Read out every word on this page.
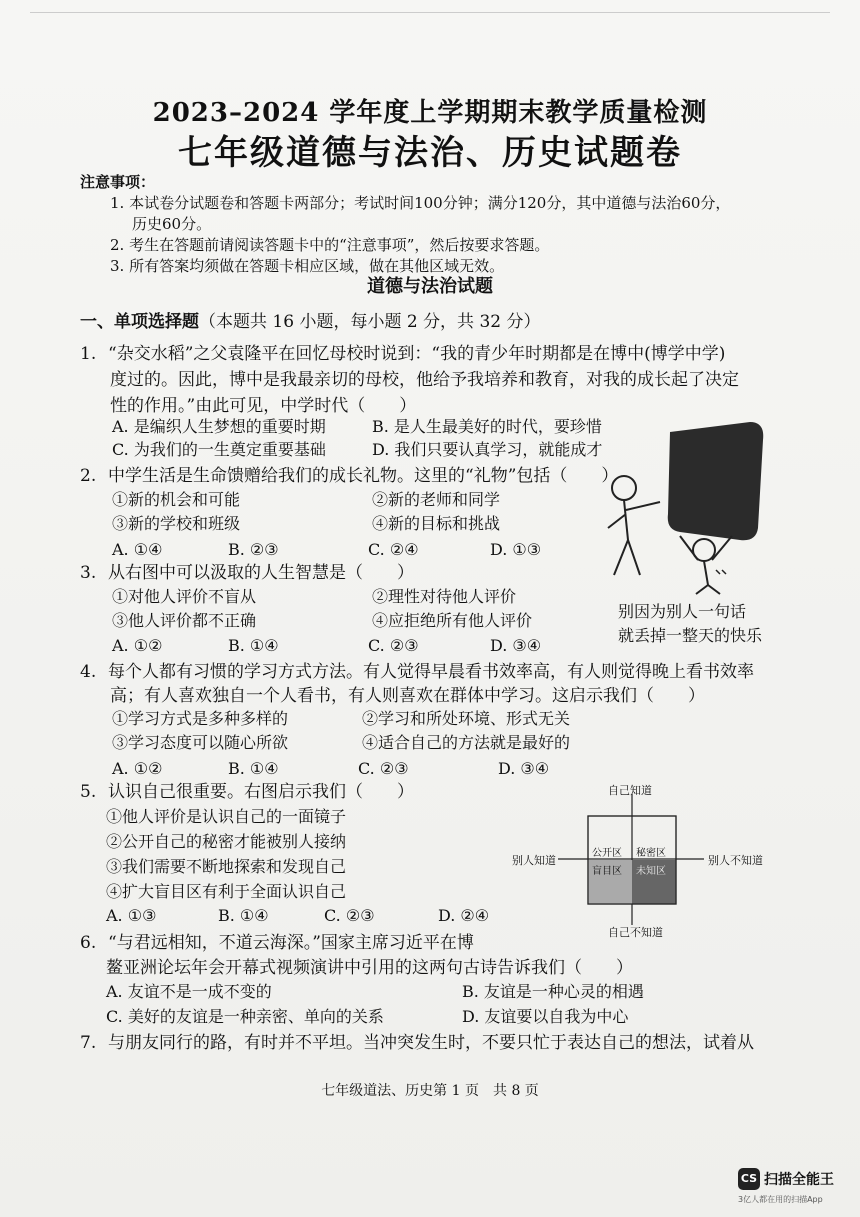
2023–2024 学年度上学期期末教学质量检测
七年级道德与法治、历史试题卷
注意事项：
1. 本试卷分试题卷和答题卡两部分；考试时间100分钟；满分120分，其中道德与法治60分，
历史60分。
2. 考生在答题前请阅读答题卡中的“注意事项”，然后按要求答题。
3. 所有答案均须做在答题卡相应区域，做在其他区域无效。
道德与法治试题
一、单项选择题（本题共 16 小题，每小题 2 分，共 32 分）
1. “杂交水稻”之父袁隆平在回忆母校时说到：“我的青少年时期都是在博中(博学中学)
度过的。因此，博中是我最亲切的母校，他给予我培养和教育，对我的成长起了决定
性的作用。”由此可见，中学时代（　　）
A. 是编织人生梦想的重要时期	B. 是人生最美好的时代，要珍惜
C. 为我们的一生奠定重要基础	D. 我们只要认真学习，就能成才
2. 中学生活是生命馈赠给我们的成长礼物。这里的“礼物”包括（　　）
①新的机会和可能	②新的老师和同学
③新的学校和班级	④新的目标和挑战
A. ①④	B. ②③	C. ②④	D. ①③
3. 从右图中可以汲取的人生智慧是（　　）
①对他人评价不盲从	②理性对待他人评价
③他人评价都不正确	④应拒绝所有他人评价
A. ①②	B. ①④	C. ②③	D. ③④
别因为别人一句话
就丢掉一整天的快乐
4. 每个人都有习惯的学习方式方法。有人觉得早晨看书效率高，有人则觉得晚上看书效率
高；有人喜欢独自一个人看书，有人则喜欢在群体中学习。这启示我们（　　）
①学习方式是多种多样的	②学习和所处环境、形式无关
③学习态度可以随心所欲	④适合自己的方法就是最好的
A. ①②	B. ①④	C. ②③	D. ③④
5. 认识自己很重要。右图启示我们（　　）
①他人评价是认识自己的一面镜子
②公开自己的秘密才能被别人接纳
③我们需要不断地探索和发现自己
④扩大盲目区有利于全面认识自己
A. ①③	B. ①④	C. ②③	D. ②④
自己知道
自己不知道
别人知道	别人不知道
公开区 秘密区
盲目区 未知区
6. “与君远相知，不道云海深。”国家主席习近平在博
鳌亚洲论坛年会开幕式视频演讲中引用的这两句古诗告诉我们（　　）
A. 友谊不是一成不变的	B. 友谊是一种心灵的相遇
C. 美好的友谊是一种亲密、单向的关系	D. 友谊要以自我为中心
7. 与朋友同行的路，有时并不平坦。当冲突发生时，不要只忙于表达自己的想法，试着从
七年级道法、历史第 1 页　共 8 页
CS 扫描全能王
3亿人都在用的扫描App
